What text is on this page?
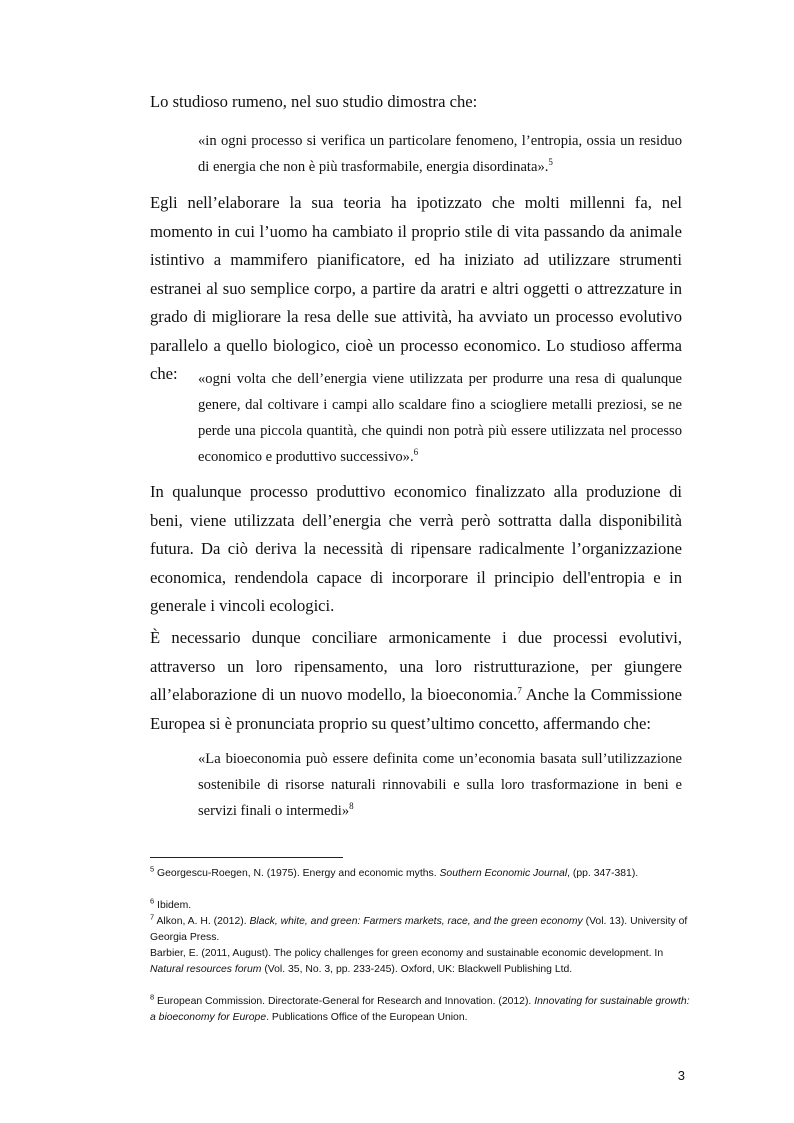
Lo studioso rumeno, nel suo studio dimostra che:

«in ogni processo si verifica un particolare fenomeno, l’entropia, ossia un residuo di energia che non è più trasformabile, energia disordinata».$^5$

Egli nell’elaborare la sua teoria ha ipotizzato che molti millenni fa, nel momento in cui l’uomo ha cambiato il proprio stile di vita passando da animale istintivo a mammifero pianificatore, ed ha iniziato ad utilizzare strumenti estranei al suo semplice corpo, a partire da aratri e altri oggetti o attrezzature in grado di migliorare la resa delle sue attività, ha avviato un processo evolutivo parallelo a quello biologico, cioè un processo economico. Lo studioso afferma che:	«ogni volta che dell’energia viene utilizzata per produrre una resa di qualunque genere, dal coltivare i campi allo scaldare fino a sciogliere metalli preziosi, se ne perde una piccola quantità, che quindi non potrà più essere utilizzata nel processo economico e produttivo successivo».$^6$

In qualunque processo produttivo economico finalizzato alla produzione di beni, viene utilizzata dell’energia che verrà però sottratta dalla disponibilità futura. Da ciò deriva la necessità di ripensare radicalmente l’organizzazione economica, rendendola capace di incorporare il principio dell'entropia e in generale i vincoli ecologici.

È necessario dunque conciliare armonicamente i due processi evolutivi, attraverso un loro ripensamento, una loro ristrutturazione, per giungere all’elaborazione di un nuovo modello, la bioeconomia.$^7$ Anche la Commissione Europea si è pronunciata proprio su quest’ultimo concetto, affermando che:

«La bioeconomia può essere definita come un’economia basata sull’utilizzazione sostenibile di risorse naturali rinnovabili e sulla loro trasformazione in beni e servizi finali o intermedi»$^8$

$^5$ Georgescu-Roegen, N. (1975). Energy and economic myths. Southern Economic Journal, (pp. 347-381).

$^6$ Ibidem.

$^7$ Alkon, A. H. (2012). Black, white, and green: Farmers markets, race, and the green economy (Vol. 13). University of Georgia Press.

Barbier, E. (2011, August). The policy challenges for green economy and sustainable economic development. In Natural resources forum (Vol. 35, No. 3, pp. 233-245). Oxford, UK: Blackwell Publishing Ltd.

$^8$ European Commission. Directorate-General for Research and Innovation. (2012). Innovating for sustainable growth: a bioeconomy for Europe. Publications Office of the European Union.

3
